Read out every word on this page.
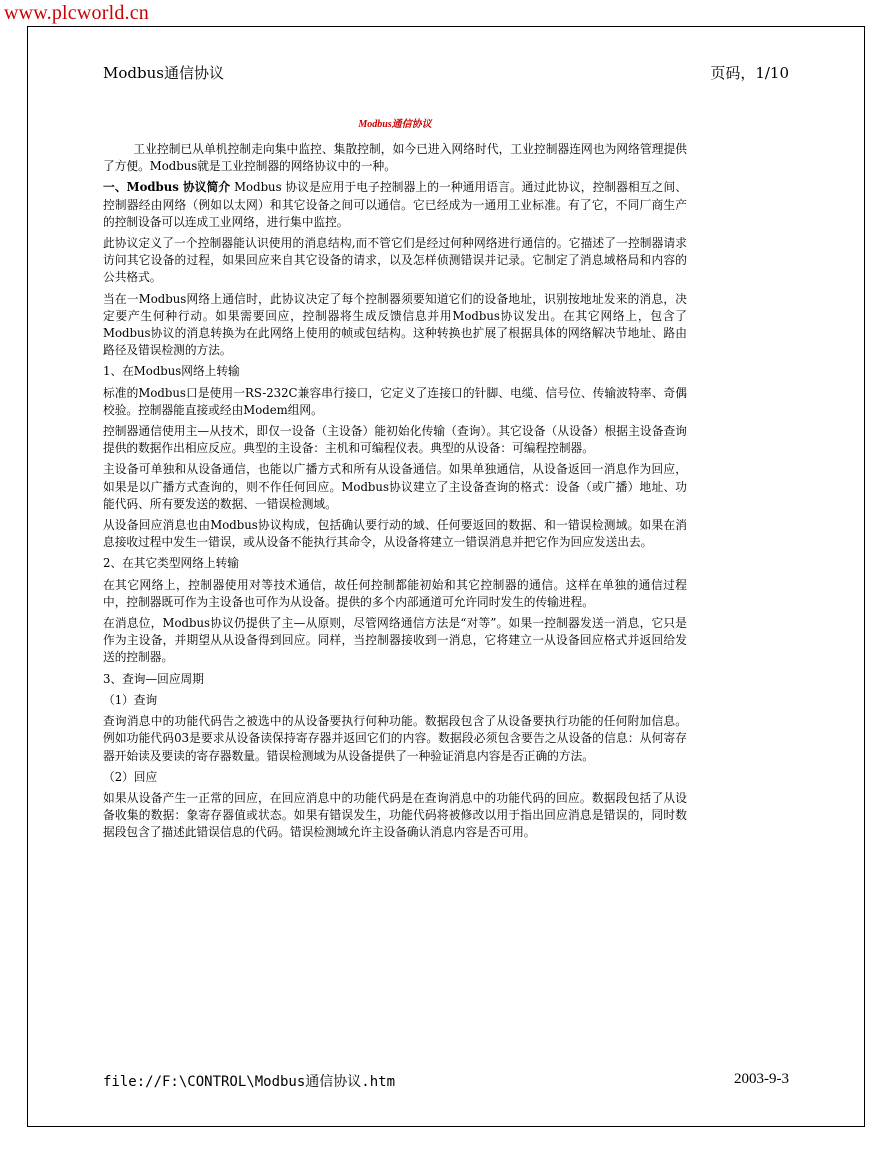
www.plcworld.cn
Modbus通信协议	页码，1/10
Modbus通信协议

工业控制已从单机控制走向集中监控、集散控制，如今已进入网络时代，工业控制器连网也为网络管理提供了方便。Modbus就是工业控制器的网络协议中的一种。

一、Modbus 协议简介 Modbus 协议是应用于电子控制器上的一种通用语言。通过此协议，控制器相互之间、控制器经由网络（例如以太网）和其它设备之间可以通信。它已经成为一通用工业标准。有了它，不同厂商生产的控制设备可以连成工业网络，进行集中监控。

此协议定义了一个控制器能认识使用的消息结构,而不管它们是经过何种网络进行通信的。它描述了一控制器请求访问其它设备的过程，如果回应来自其它设备的请求，以及怎样侦测错误并记录。它制定了消息域格局和内容的公共格式。

当在一Modbus网络上通信时，此协议决定了每个控制器须要知道它们的设备地址，识别按地址发来的消息，决定要产生何种行动。如果需要回应，控制器将生成反馈信息并用Modbus协议发出。在其它网络上，包含了Modbus协议的消息转换为在此网络上使用的帧或包结构。这种转换也扩展了根据具体的网络解决节地址、路由路径及错误检测的方法。

1、在Modbus网络上转输

标准的Modbus口是使用一RS-232C兼容串行接口，它定义了连接口的针脚、电缆、信号位、传输波特率、奇偶校验。控制器能直接或经由Modem组网。

控制器通信使用主—从技术，即仅一设备（主设备）能初始化传输（查询）。其它设备（从设备）根据主设备查询提供的数据作出相应反应。典型的主设备：主机和可编程仪表。典型的从设备：可编程控制器。

主设备可单独和从设备通信，也能以广播方式和所有从设备通信。如果单独通信，从设备返回一消息作为回应，如果是以广播方式查询的，则不作任何回应。Modbus协议建立了主设备查询的格式：设备（或广播）地址、功能代码、所有要发送的数据、一错误检测域。

从设备回应消息也由Modbus协议构成，包括确认要行动的域、任何要返回的数据、和一错误检测域。如果在消息接收过程中发生一错误，或从设备不能执行其命令，从设备将建立一错误消息并把它作为回应发送出去。

2、在其它类型网络上转输

在其它网络上，控制器使用对等技术通信，故任何控制都能初始和其它控制器的通信。这样在单独的通信过程中，控制器既可作为主设备也可作为从设备。提供的多个内部通道可允许同时发生的传输进程。

在消息位，Modbus协议仍提供了主—从原则，尽管网络通信方法是“对等”。如果一控制器发送一消息，它只是作为主设备，并期望从从设备得到回应。同样，当控制器接收到一消息，它将建立一从设备回应格式并返回给发送的控制器。

3、查询—回应周期

（1）查询

查询消息中的功能代码告之被选中的从设备要执行何种功能。数据段包含了从设备要执行功能的任何附加信息。例如功能代码03是要求从设备读保持寄存器并返回它们的内容。数据段必须包含要告之从设备的信息：从何寄存器开始读及要读的寄存器数量。错误检测域为从设备提供了一种验证消息内容是否正确的方法。

（2）回应

如果从设备产生一正常的回应，在回应消息中的功能代码是在查询消息中的功能代码的回应。数据段包括了从设备收集的数据：象寄存器值或状态。如果有错误发生，功能代码将被修改以用于指出回应消息是错误的，同时数据段包含了描述此错误信息的代码。错误检测域允许主设备确认消息内容是否可用。

file://F:\CONTROL\Modbus通信协议.htm	2003-9-3
